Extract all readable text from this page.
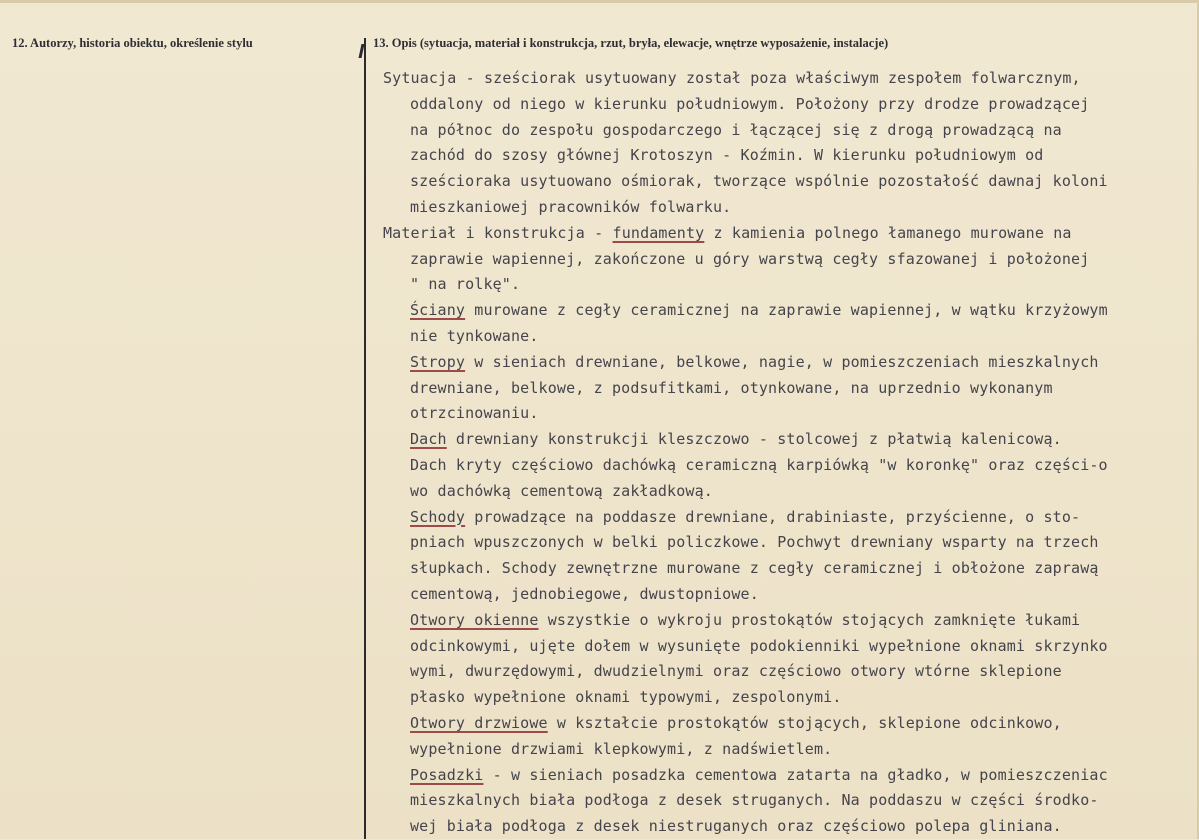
12. Autorzy, historia obiektu, określenie stylu	13. Opis (sytuacja, materiał i konstrukcja, rzut, bryła, elewacje, wnętrze wyposażenie, instalacje)
Sytuacja - sześciorak usytuowany został poza właściwym zespołem folwarcznym,
oddalony od niego w kierunku południowym. Położony przy drodze prowadzącej
na północ do zespołu gospodarczego i łączącej się z drogą prowadzącą na
zachód do szosy głównej Krotoszyn - Koźmin. W kierunku południowym od
sześcioraka usytuowano ośmiorak, tworzące wspólnie pozostałość dawnaj koloni
mieszkaniowej pracowników folwarku.
Materiał i konstrukcja - fundamenty z kamienia polnego łamanego murowane na
zaprawie wapiennej, zakończone u góry warstwą cegły sfazowanej i położonej
" na rolkę".
Ściany murowane z cegły ceramicznej na zaprawie wapiennej, w wątku krzyżowym
nie tynkowane.
Stropy w sieniach drewniane, belkowe, nagie, w pomieszczeniach mieszkalnych
drewniane, belkowe, z podsufitkami, otynkowane, na uprzednio wykonanym
otrzcinowaniu.
Dach drewniany konstrukcji kleszczowo - stolcowej z płatwią kalenicową.
Dach kryty częściowo dachówką ceramiczną karpiówką "w koronkę" oraz części-o
wo dachówką cementową zakładkową.
Schody prowadzące na poddasze drewniane, drabiniaste, przyścienne, o sto-
pniach wpuszczonych w belki policzkowe. Pochwyt drewniany wsparty na trzech
słupkach. Schody zewnętrzne murowane z cegły ceramicznej i obłożone zaprawą
cementową, jednobiegowe, dwustopniowe.
Otwory okienne wszystkie o wykroju prostokątów stojących zamknięte łukami
odcinkowymi, ujęte dołem w wysunięte podokienniki wypełnione oknami skrzynko
wymi, dwurzędowymi, dwudzielnymi oraz częściowo otwory wtórne sklepione
płasko wypełnione oknami typowymi, zespolonymi.
Otwory drzwiowe w kształcie prostokątów stojących, sklepione odcinkowo,
wypełnione drzwiami klepkowymi, z nadświetlem.
Posadzki - w sieniach posadzka cementowa zatarta na gładko, w pomieszczeniac
mieszkalnych biała podłoga z desek struganych. Na poddaszu w części środko-
wej biała podłoga z desek niestruganych oraz częściowo polepa gliniana.
